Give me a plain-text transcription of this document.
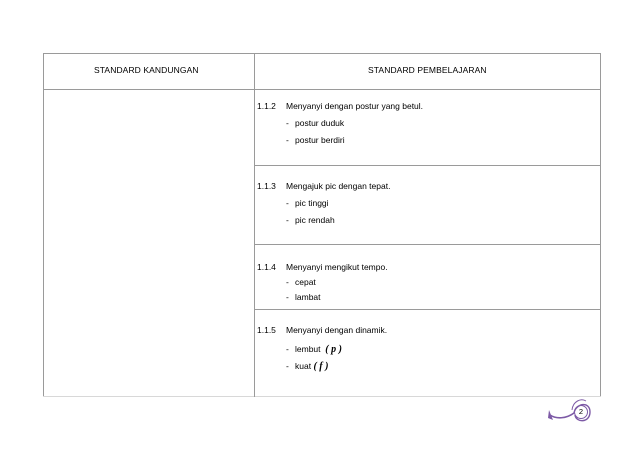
STANDARD KANDUNGAN	STANDARD PEMBELAJARAN
1.1.2 Menyanyi dengan postur yang betul.
- postur duduk
- postur berdiri
1.1.3 Mengajuk pic dengan tepat.
- pic tinggi
- pic rendah
1.1.4 Menyanyi mengikut tempo.
- cepat
- lambat
1.1.5 Menyanyi dengan dinamik.
- lembut ( p )
- kuat ( f )
2
